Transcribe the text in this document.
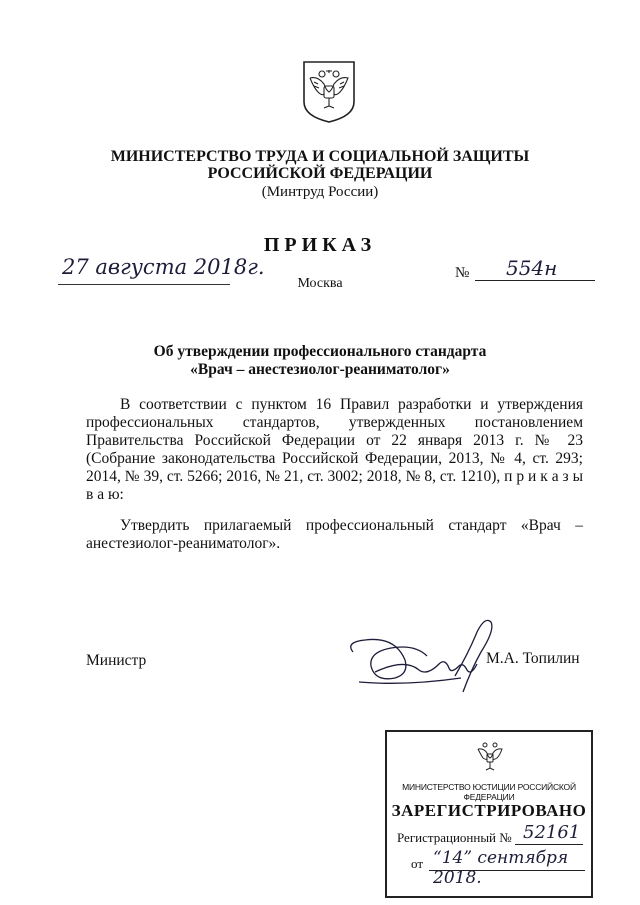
МИНИСТЕРСТВО ТРУДА И СОЦИАЛЬНОЙ ЗАЩИТЫ
РОССИЙСКОЙ ФЕДЕРАЦИИ
(Минтруд России)
ПРИКАЗ
27 августа 2018г.	№ 554н
Москва
Об утверждении профессионального стандарта
«Врач – анестезиолог-реаниматолог»
В соответствии с пунктом 16 Правил разработки и утверждения профессиональных стандартов, утвержденных постановлением Правительства Российской Федерации от 22 января 2013 г. № 23 (Собрание законодательства Российской Федерации, 2013, № 4, ст. 293; 2014, № 39, ст. 5266; 2016, № 21, ст. 3002; 2018, № 8, ст. 1210), п р и к а з ы в а ю:
Утвердить прилагаемый профессиональный стандарт «Врач – анестезиолог-реаниматолог».
Министр	М.А. Топилин
МИНИСТЕРСТВО ЮСТИЦИИ РОССИЙСКОЙ ФЕДЕРАЦИИ
ЗАРЕГИСТРИРОВАНО
Регистрационный № 52161
от “14” сентября 2018.
